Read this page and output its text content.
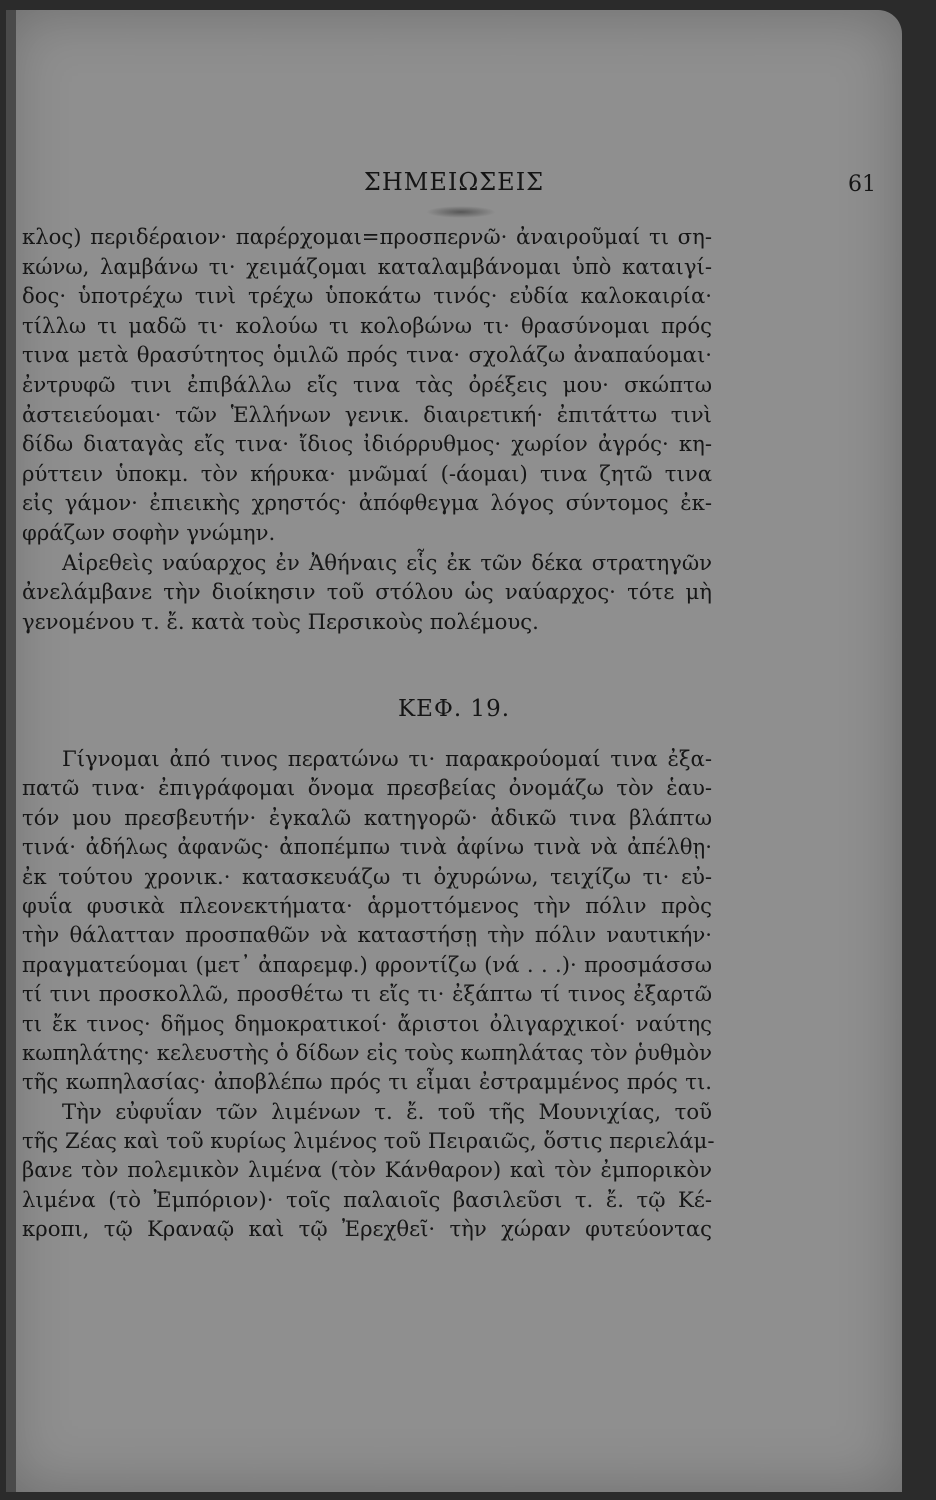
ΣΗΜΕΙΩΣΕΙΣ	61
κλος) περιδέραιον· παρέρχομαι=προσπερνῶ· ἀναιροῦμαί τι ση-
κώνω, λαμβάνω τι· χειμάζομαι καταλαμβάνομαι ὑπὸ καταιγί-
δος· ὑποτρέχω τινὶ τρέχω ὑποκάτω τινός· εὐδία καλοκαιρία·
τίλλω τι μαδῶ τι· κολούω τι κολοβώνω τι· θρασύνομαι πρός
τινα μετὰ θρασύτητος ὁμιλῶ πρός τινα· σχολάζω ἀναπαύομαι·
ἐντρυφῶ τινι ἐπιβάλλω εἴς τινα τὰς ὀρέξεις μου· σκώπτω
ἀστειεύομαι· τῶν Ἑλλήνων γενικ. διαιρετική· ἐπιτάττω τινὶ
δίδω διαταγὰς εἴς τινα· ἴδιος ἰδιόρρυθμος· χωρίον ἀγρός· κη-
ρύττειν ὑποκμ. τὸν κήρυκα· μνῶμαί (-άομαι) τινα ζητῶ τινα
εἰς γάμον· ἐπιεικὴς χρηστός· ἀπόφθεγμα λόγος σύντομος ἐκ-
φράζων σοφὴν γνώμην.
Αἱρεθεὶς ναύαρχος ἐν Ἀθήναις εἷς ἐκ τῶν δέκα στρατηγῶν
ἀνελάμβανε τὴν διοίκησιν τοῦ στόλου ὡς ναύαρχος· τότε μὴ
γενομένου τ. ἔ. κατὰ τοὺς Περσικοὺς πολέμους.
ΚΕΦ. 19.
Γίγνομαι ἀπό τινος περατώνω τι· παρακρούομαί τινα ἐξα-
πατῶ τινα· ἐπιγράφομαι ὄνομα πρεσβείας ὀνομάζω τὸν ἑαυ-
τόν μου πρεσβευτήν· ἐγκαλῶ κατηγορῶ· ἀδικῶ τινα βλάπτω
τινά· ἀδήλως ἀφανῶς· ἀποπέμπω τινὰ ἀφίνω τινὰ νὰ ἀπέλθῃ·
ἐκ τούτου χρονικ.· κατασκευάζω τι ὀχυρώνω, τειχίζω τι· εὐ-
φυΐα φυσικὰ πλεονεκτήματα· ἁρμοττόμενος τὴν πόλιν πρὸς
τὴν θάλατταν προσπαθῶν νὰ καταστήσῃ τὴν πόλιν ναυτικήν·
πραγματεύομαι (μετ᾽ ἀπαρεμφ.) φροντίζω (νά . . .)· προσμάσσω
τί τινι προσκολλῶ, προσθέτω τι εἴς τι· ἐξάπτω τί τινος ἐξαρτῶ
τι ἔκ τινος· δῆμος δημοκρατικοί· ἄριστοι ὀλιγαρχικοί· ναύτης
κωπηλάτης· κελευστὴς ὁ δίδων εἰς τοὺς κωπηλάτας τὸν ῥυθμὸν
τῆς κωπηλασίας· ἀποβλέπω πρός τι εἶμαι ἐστραμμένος πρός τι.
Τὴν εὐφυΐαν τῶν λιμένων τ. ἔ. τοῦ τῆς Μουνιχίας, τοῦ
τῆς Ζέας καὶ τοῦ κυρίως λιμένος τοῦ Πειραιῶς, ὅστις περιελάμ-
βανε τὸν πολεμικὸν λιμένα (τὸν Κάνθαρον) καὶ τὸν ἐμπορικὸν
λιμένα (τὸ Ἐμπόριον)· τοῖς παλαιοῖς βασιλεῦσι τ. ἔ. τῷ Κέ-
κροπι, τῷ Κραναῷ καὶ τῷ Ἐρεχθεῖ· τὴν χώραν φυτεύοντας
